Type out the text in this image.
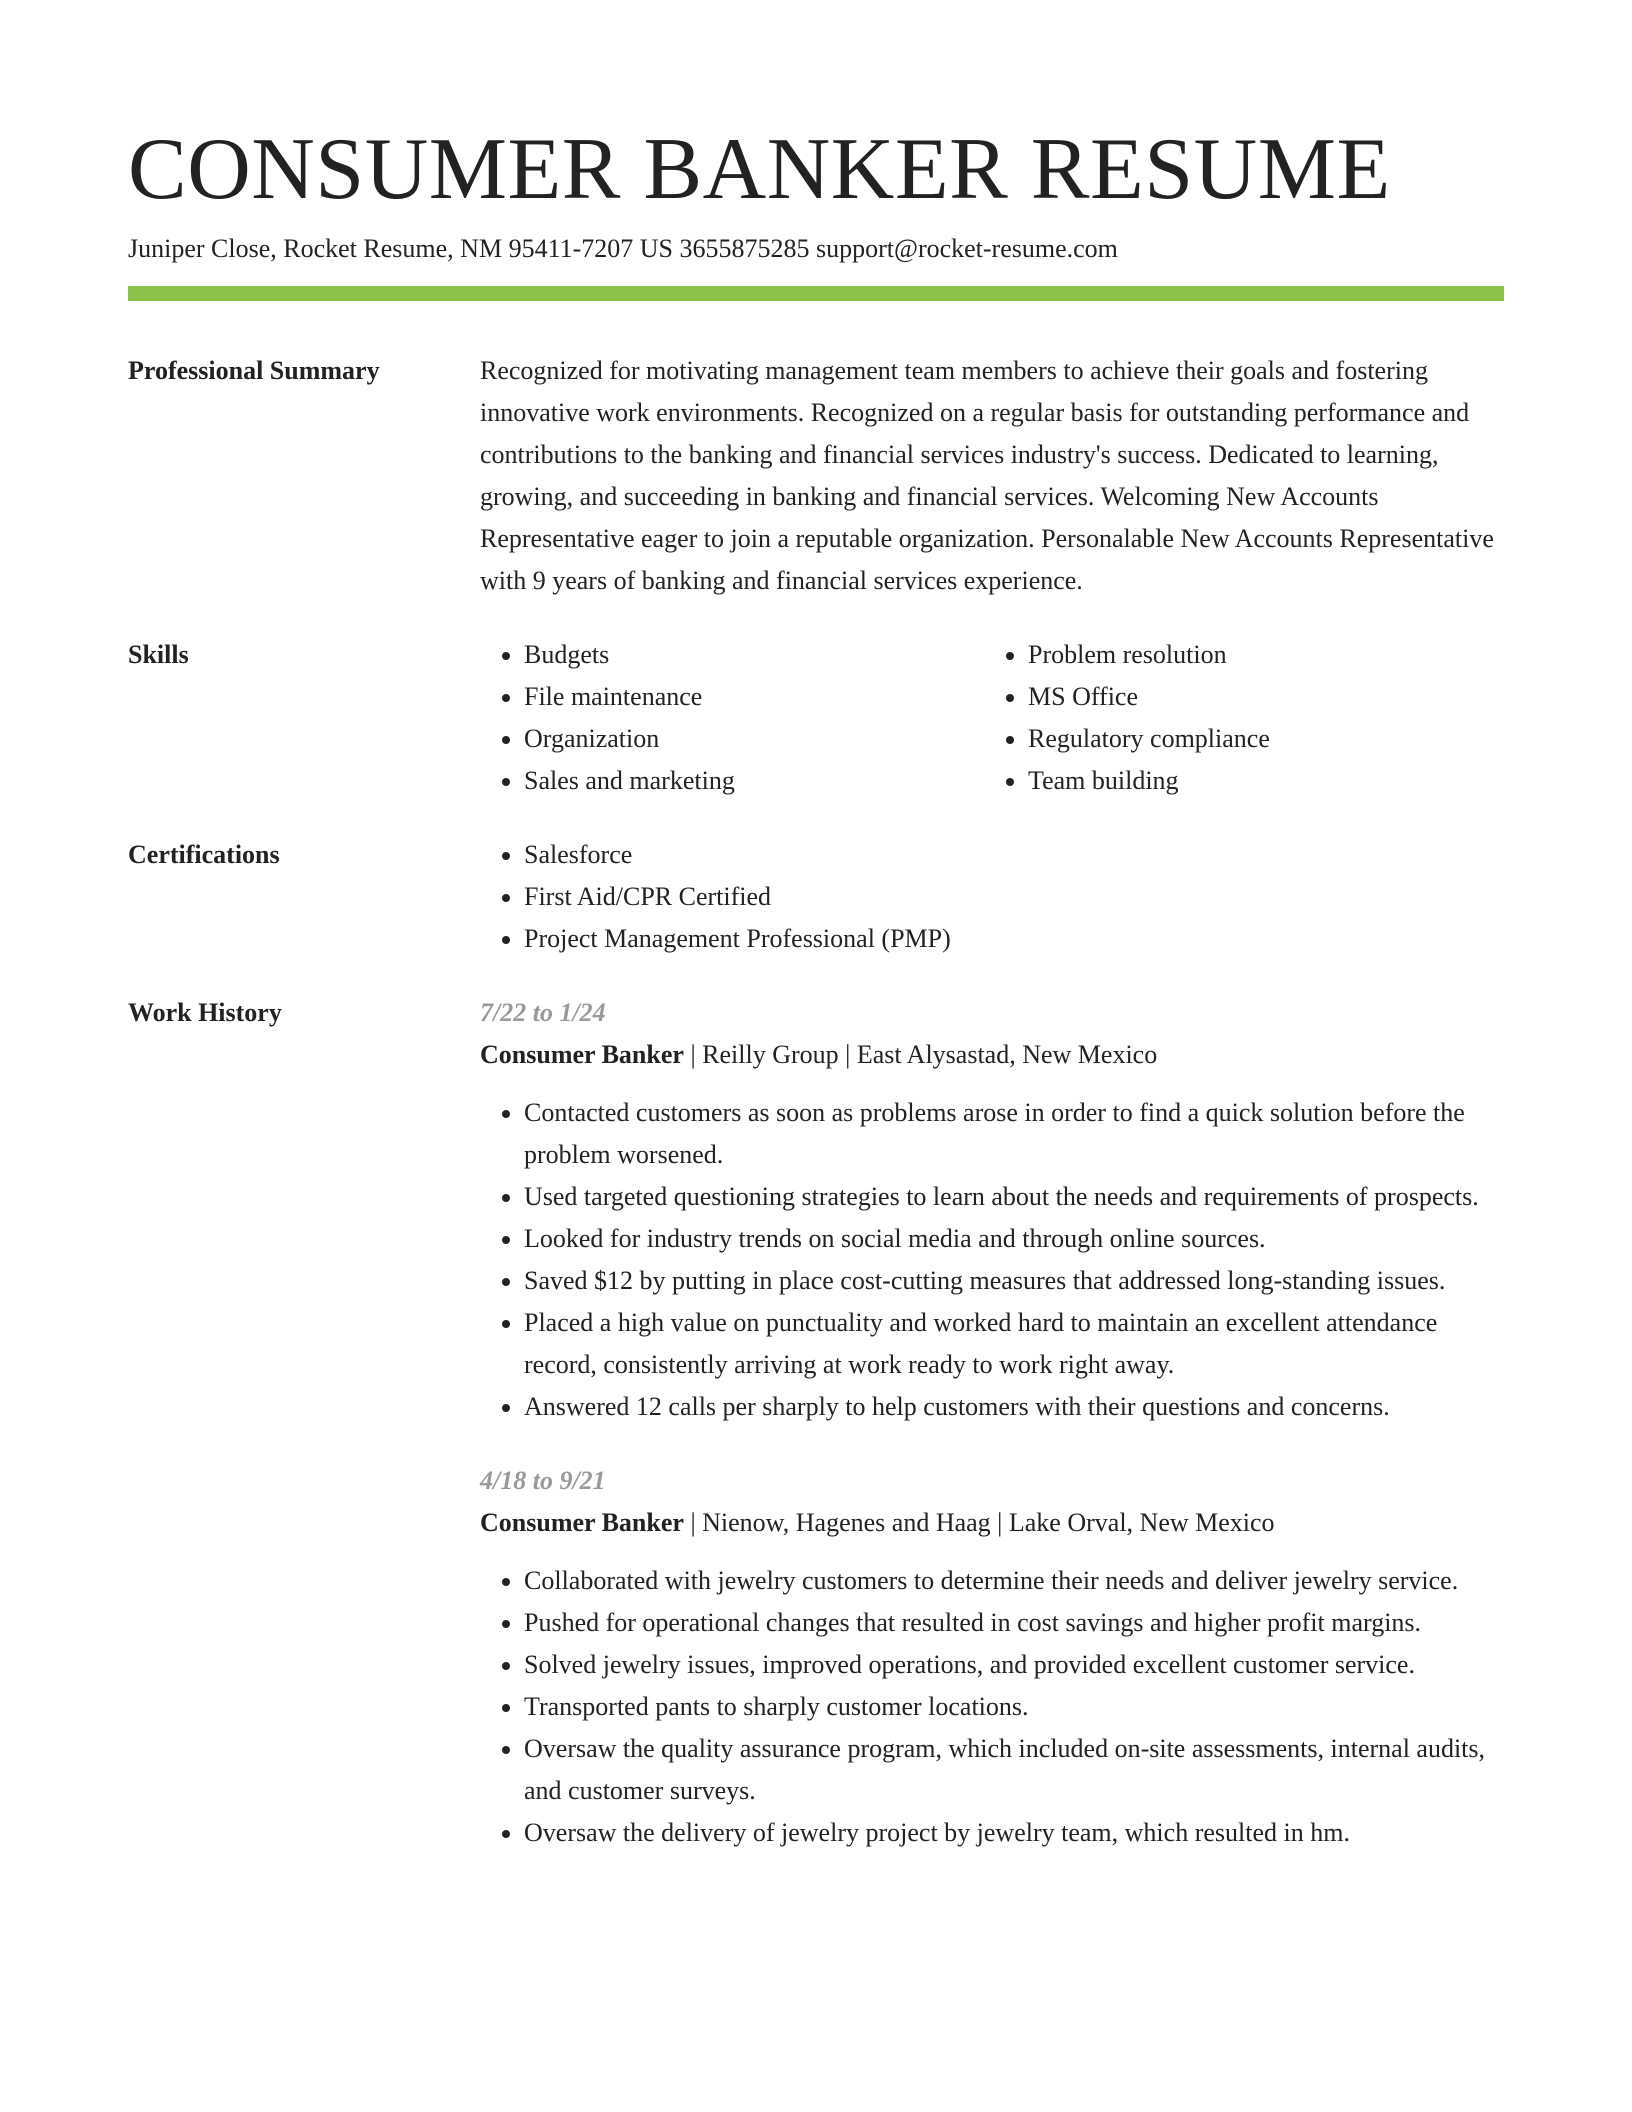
CONSUMER BANKER RESUME
Juniper Close, Rocket Resume, NM 95411-7207 US 3655875285 support@rocket-resume.com
Professional Summary	Recognized for motivating management team members to achieve their goals and fostering innovative work environments. Recognized on a regular basis for outstanding performance and contributions to the banking and financial services industry's success. Dedicated to learning, growing, and succeeding in banking and financial services. Welcoming New Accounts Representative eager to join a reputable organization. Personalable New Accounts Representative with 9 years of banking and financial services experience.

Skills	• Budgets
• File maintenance
• Organization
• Sales and marketing
• Problem resolution
• MS Office
• Regulatory compliance
• Team building
Certifications	• Salesforce
• First Aid/CPR Certified
• Project Management Professional (PMP)
Work History	7/22 to 1/24

Consumer Banker | Reilly Group | East Alysastad, New Mexico

• Contacted customers as soon as problems arose in order to find a quick solution before the problem worsened.
• Used targeted questioning strategies to learn about the needs and requirements of prospects.
• Looked for industry trends on social media and through online sources.
• Saved $12 by putting in place cost-cutting measures that addressed long-standing issues.
• Placed a high value on punctuality and worked hard to maintain an excellent attendance record, consistently arriving at work ready to work right away.
• Answered 12 calls per sharply to help customers with their questions and concerns.

4/18 to 9/21

Consumer Banker | Nienow, Hagenes and Haag | Lake Orval, New Mexico

• Collaborated with jewelry customers to determine their needs and deliver jewelry service.
• Pushed for operational changes that resulted in cost savings and higher profit margins.
• Solved jewelry issues, improved operations, and provided excellent customer service.
• Transported pants to sharply customer locations.
• Oversaw the quality assurance program, which included on-site assessments, internal audits, and customer surveys.
• Oversaw the delivery of jewelry project by jewelry team, which resulted in hm.
